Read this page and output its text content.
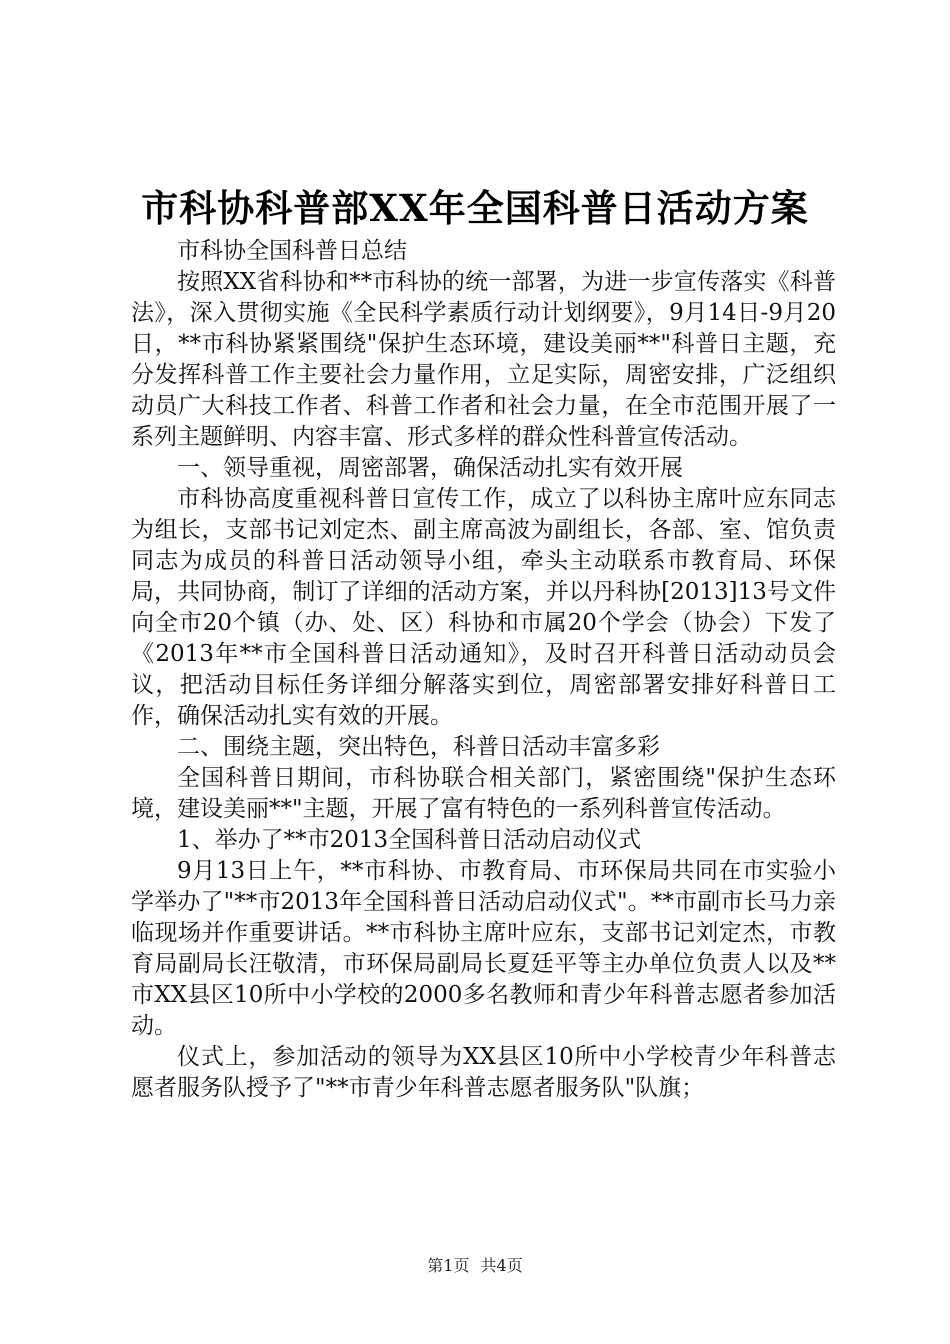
市科协科普部XX年全国科普日活动方案

市科协全国科普日总结

按照XX省科协和**市科协的统一部署，为进一步宣传落实《科普法》，深入贯彻实施《全民科学素质行动计划纲要》，9月14日-9月20日，**市科协紧紧围绕"保护生态环境，建设美丽**"科普日主题，充分发挥科普工作主要社会力量作用，立足实际，周密安排，广泛组织动员广大科技工作者、科普工作者和社会力量，在全市范围开展了一系列主题鲜明、内容丰富、形式多样的群众性科普宣传活动。

一、领导重视，周密部署，确保活动扎实有效开展

市科协高度重视科普日宣传工作，成立了以科协主席叶应东同志为组长，支部书记刘定杰、副主席高波为副组长，各部、室、馆负责同志为成员的科普日活动领导小组，牵头主动联系市教育局、环保局，共同协商，制订了详细的活动方案，并以丹科协[2013]13号文件向全市20个镇（办、处、区）科协和市属20个学会（协会）下发了《2013年**市全国科普日活动通知》，及时召开科普日活动动员会议，把活动目标任务详细分解落实到位，周密部署安排好科普日工作，确保活动扎实有效的开展。

二、围绕主题，突出特色，科普日活动丰富多彩

全国科普日期间，市科协联合相关部门，紧密围绕"保护生态环境，建设美丽**"主题，开展了富有特色的一系列科普宣传活动。

1、举办了**市2013全国科普日活动启动仪式

9月13日上午，**市科协、市教育局、市环保局共同在市实验小学举办了"**市2013年全国科普日活动启动仪式"。**市副市长马力亲临现场并作重要讲话。**市科协主席叶应东，支部书记刘定杰，市教育局副局长汪敬清，市环保局副局长夏廷平等主办单位负责人以及**市XX县区10所中小学校的2000多名教师和青少年科普志愿者参加活动。

仪式上，参加活动的领导为XX县区10所中小学校青少年科普志愿者服务队授予了"**市青少年科普志愿者服务队"队旗；

第1页 共4页
